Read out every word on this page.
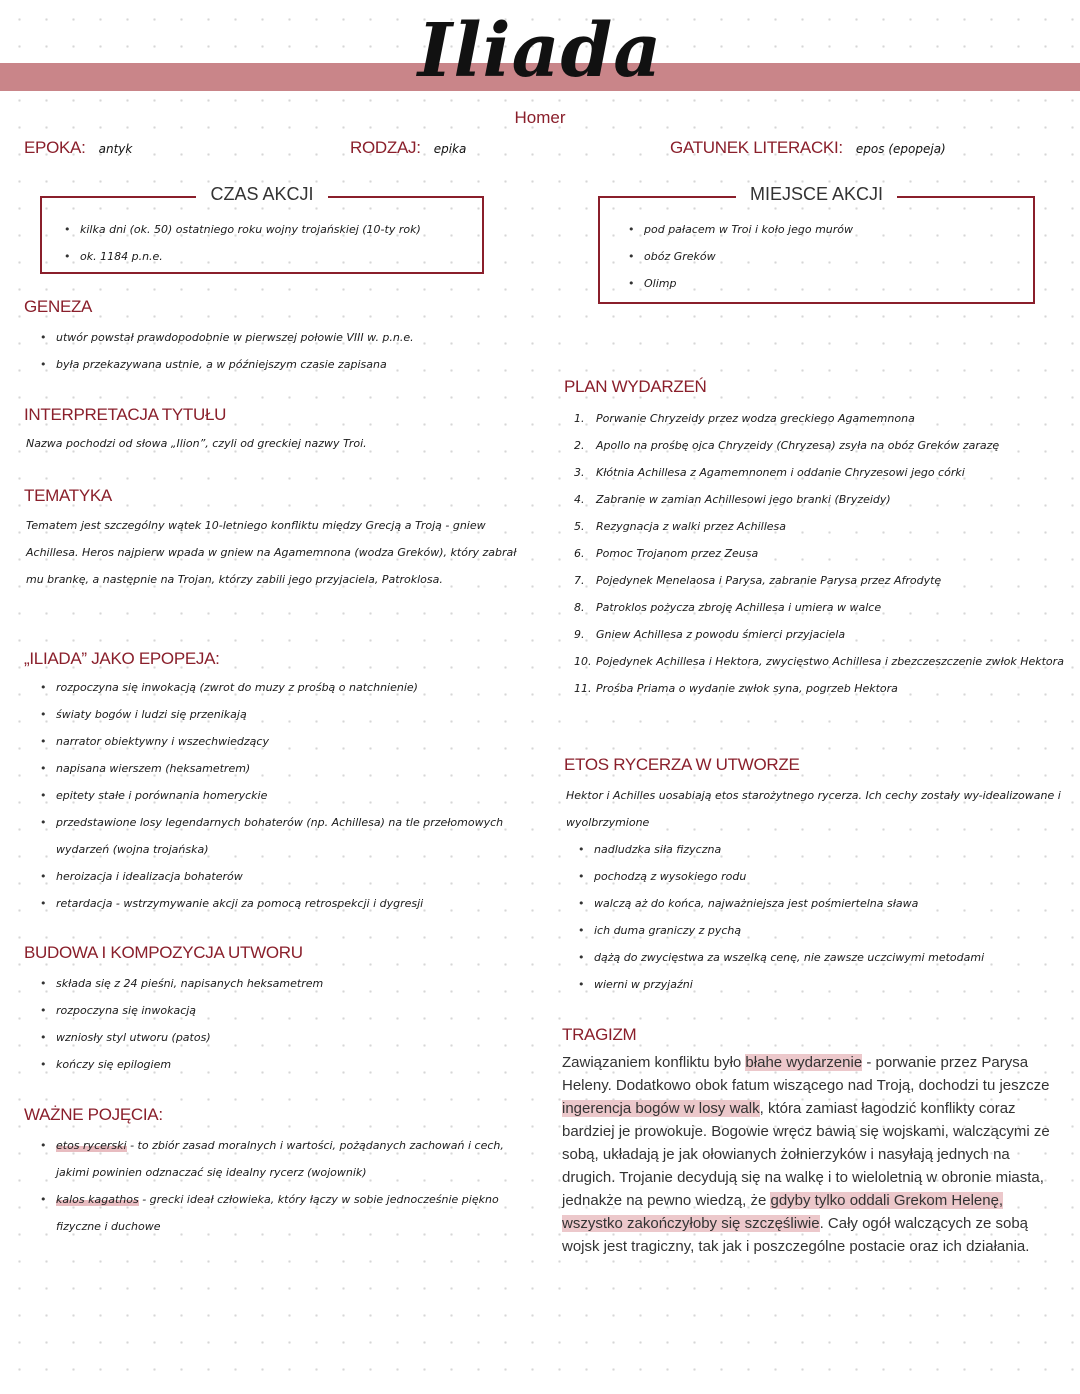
Iliada
Homer
EPOKA: antyk	RODZAJ: epika	GATUNEK LITERACKI: epos (epopeja)
CZAS AKCJI
• kilka dni (ok. 50) ostatniego roku wojny trojańskiej (10-ty rok)
• ok. 1184 p.n.e.
MIEJSCE AKCJI
• pod pałacem w Troi i koło jego murów
• obóz Greków
• Olimp
GENEZA
• utwór powstał prawdopodobnie w pierwszej połowie VIII w. p.n.e.
• była przekazywana ustnie, a w późniejszym czasie zapisana
INTERPRETACJA TYTUŁU
Nazwa pochodzi od słowa „Ilion”, czyli od greckiej nazwy Troi.
TEMATYKA
Tematem jest szczególny wątek 10-letniego konfliktu między Grecją a Troją - gniew Achillesa. Heros najpierw wpada w gniew na Agamemnona (wodza Greków), który zabrał mu brankę, a następnie na Trojan, którzy zabili jego przyjaciela, Patroklosa.
„ILIADA” JAKO EPOPEJA:
• rozpoczyna się inwokacją (zwrot do muzy z prośbą o natchnienie)
• światy bogów i ludzi się przenikają
• narrator obiektywny i wszechwiedzący
• napisana wierszem (heksametrem)
• epitety stałe i porównania homeryckie
• przedstawione losy legendarnych bohaterów (np. Achillesa) na tle przełomowych wydarzeń (wojna trojańska)
• heroizacja i idealizacja bohaterów
• retardacja - wstrzymywanie akcji za pomocą retrospekcji i dygresji
BUDOWA I KOMPOZYCJA UTWORU
• składa się z 24 pieśni, napisanych heksametrem
• rozpoczyna się inwokacją
• wzniosły styl utworu (patos)
• kończy się epilogiem
WAŻNE POJĘCIA:
• etos rycerski - to zbiór zasad moralnych i wartości, pożądanych zachowań i cech, jakimi powinien odznaczać się idealny rycerz (wojownik)
• kalos kagathos - grecki ideał człowieka, który łączy w sobie jednocześnie piękno fizyczne i duchowe
PLAN WYDARZEŃ
1. Porwanie Chryzeidy przez wodza greckiego Agamemnona
2. Apollo na prośbę ojca Chryzeidy (Chryzesa) zsyła na obóz Greków zarazę
3. Kłótnia Achillesa z Agamemnonem i oddanie Chryzesowi jego córki
4. Zabranie w zamian Achillesowi jego branki (Bryzeidy)
5. Rezygnacja z walki przez Achillesa
6. Pomoc Trojanom przez Zeusa
7. Pojedynek Menelaosa i Parysa, zabranie Parysa przez Afrodytę
8. Patroklos pożycza zbroję Achillesa i umiera w walce
9. Gniew Achillesa z powodu śmierci przyjaciela
10. Pojedynek Achillesa i Hektora, zwycięstwo Achillesa i zbezczeszczenie zwłok Hektora
11. Prośba Priama o wydanie zwłok syna, pogrzeb Hektora
ETOS RYCERZA W UTWORZE
Hektor i Achilles uosabiają etos starożytnego rycerza. Ich cechy zostały wy-idealizowane i wyolbrzymione
• nadludzka siła fizyczna
• pochodzą z wysokiego rodu
• walczą aż do końca, najważniejsza jest pośmiertelna sława
• ich duma graniczy z pychą
• dążą do zwycięstwa za wszelką cenę, nie zawsze uczciwymi metodami
• wierni w przyjaźni
TRAGIZM
Zawiązaniem konfliktu było błahe wydarzenie - porwanie przez Parysa Heleny. Dodatkowo obok fatum wiszącego nad Troją, dochodzi tu jeszcze ingerencja bogów w losy walk, która zamiast łagodzić konflikty coraz bardziej je prowokuje. Bogowie wręcz bawią się wojskami, walczącymi ze sobą, układają je jak ołowianych żołnierzyków i nasyłają jednych na drugich. Trojanie decydują się na walkę i to wieloletnią w obronie miasta, jednakże na pewno wiedzą, że gdyby tylko oddali Grekom Helenę, wszystko zakończyłoby się szczęśliwie. Cały ogół walczących ze sobą wojsk jest tragiczny, tak jak i poszczególne postacie oraz ich działania.
